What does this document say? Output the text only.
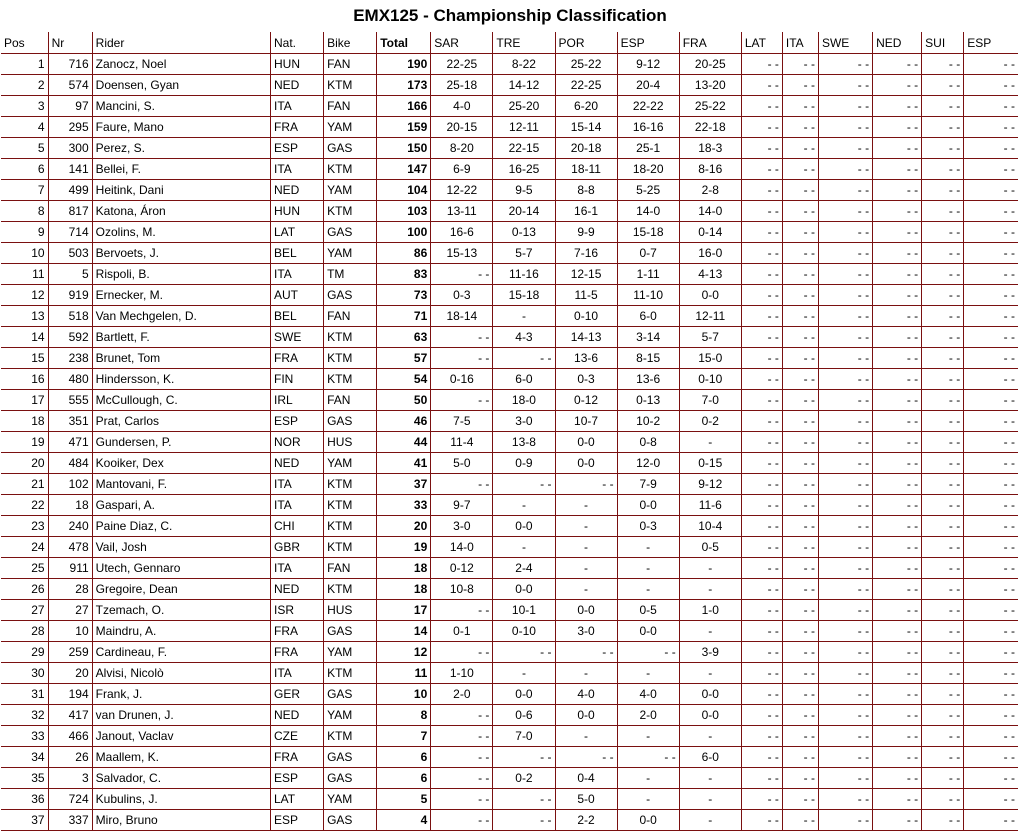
EMX125 - Championship Classification
Pos	Nr	Rider	Nat.	Bike	Total	SAR	TRE	POR	ESP	FRA	LAT	ITA	SWE	NED	SUI	ESP
1	716	Zanocz, Noel	HUN	FAN	190	22-25	8-22	25-22	9-12	20-25	- -	- -	- -	- -	- -	- -
2	574	Doensen, Gyan	NED	KTM	173	25-18	14-12	22-25	20-4	13-20	- -	- -	- -	- -	- -	- -
3	97	Mancini, S.	ITA	FAN	166	4-0	25-20	6-20	22-22	25-22	- -	- -	- -	- -	- -	- -
4	295	Faure, Mano	FRA	YAM	159	20-15	12-11	15-14	16-16	22-18	- -	- -	- -	- -	- -	- -
5	300	Perez, S.	ESP	GAS	150	8-20	22-15	20-18	25-1	18-3	- -	- -	- -	- -	- -	- -
6	141	Bellei, F.	ITA	KTM	147	6-9	16-25	18-11	18-20	8-16	- -	- -	- -	- -	- -	- -
7	499	Heitink, Dani	NED	YAM	104	12-22	9-5	8-8	5-25	2-8	- -	- -	- -	- -	- -	- -
8	817	Katona, Áron	HUN	KTM	103	13-11	20-14	16-1	14-0	14-0	- -	- -	- -	- -	- -	- -
9	714	Ozolins, M.	LAT	GAS	100	16-6	0-13	9-9	15-18	0-14	- -	- -	- -	- -	- -	- -
10	503	Bervoets, J.	BEL	YAM	86	15-13	5-7	7-16	0-7	16-0	- -	- -	- -	- -	- -	- -
11	5	Rispoli, B.	ITA	TM	83	- -	11-16	12-15	1-11	4-13	- -	- -	- -	- -	- -	- -
12	919	Ernecker, M.	AUT	GAS	73	0-3	15-18	11-5	11-10	0-0	- -	- -	- -	- -	- -	- -
13	518	Van Mechgelen, D.	BEL	FAN	71	18-14	-	0-10	6-0	12-11	- -	- -	- -	- -	- -	- -
14	592	Bartlett, F.	SWE	KTM	63	- -	4-3	14-13	3-14	5-7	- -	- -	- -	- -	- -	- -
15	238	Brunet, Tom	FRA	KTM	57	- -	- -	13-6	8-15	15-0	- -	- -	- -	- -	- -	- -
16	480	Hindersson, K.	FIN	KTM	54	0-16	6-0	0-3	13-6	0-10	- -	- -	- -	- -	- -	- -
17	555	McCullough, C.	IRL	FAN	50	- -	18-0	0-12	0-13	7-0	- -	- -	- -	- -	- -	- -
18	351	Prat, Carlos	ESP	GAS	46	7-5	3-0	10-7	10-2	0-2	- -	- -	- -	- -	- -	- -
19	471	Gundersen, P.	NOR	HUS	44	11-4	13-8	0-0	0-8	-	- -	- -	- -	- -	- -	- -
20	484	Kooiker, Dex	NED	YAM	41	5-0	0-9	0-0	12-0	0-15	- -	- -	- -	- -	- -	- -
21	102	Mantovani, F.	ITA	KTM	37	- -	- -	- -	7-9	9-12	- -	- -	- -	- -	- -	- -
22	18	Gaspari, A.	ITA	KTM	33	9-7	-	-	0-0	11-6	- -	- -	- -	- -	- -	- -
23	240	Paine Diaz, C.	CHI	KTM	20	3-0	0-0	-	0-3	10-4	- -	- -	- -	- -	- -	- -
24	478	Vail, Josh	GBR	KTM	19	14-0	-	-	-	0-5	- -	- -	- -	- -	- -	- -
25	911	Utech, Gennaro	ITA	FAN	18	0-12	2-4	-	-	-	- -	- -	- -	- -	- -	- -
26	28	Gregoire, Dean	NED	KTM	18	10-8	0-0	-	-	-	- -	- -	- -	- -	- -	- -
27	27	Tzemach, O.	ISR	HUS	17	- -	10-1	0-0	0-5	1-0	- -	- -	- -	- -	- -	- -
28	10	Maindru, A.	FRA	GAS	14	0-1	0-10	3-0	0-0	-	- -	- -	- -	- -	- -	- -
29	259	Cardineau, F.	FRA	YAM	12	- -	- -	- -	- -	3-9	- -	- -	- -	- -	- -	- -
30	20	Alvisi, Nicolò	ITA	KTM	11	1-10	-	-	-	-	- -	- -	- -	- -	- -	- -
31	194	Frank, J.	GER	GAS	10	2-0	0-0	4-0	4-0	0-0	- -	- -	- -	- -	- -	- -
32	417	van Drunen, J.	NED	YAM	8	- -	0-6	0-0	2-0	0-0	- -	- -	- -	- -	- -	- -
33	466	Janout, Vaclav	CZE	KTM	7	- -	7-0	-	-	-	- -	- -	- -	- -	- -	- -
34	26	Maallem, K.	FRA	GAS	6	- -	- -	- -	- -	6-0	- -	- -	- -	- -	- -	- -
35	3	Salvador, C.	ESP	GAS	6	- -	0-2	0-4	-	-	- -	- -	- -	- -	- -	- -
36	724	Kubulins, J.	LAT	YAM	5	- -	- -	5-0	-	-	- -	- -	- -	- -	- -	- -
37	337	Miro, Bruno	ESP	GAS	4	- -	- -	2-2	0-0	-	- -	- -	- -	- -	- -	- -
